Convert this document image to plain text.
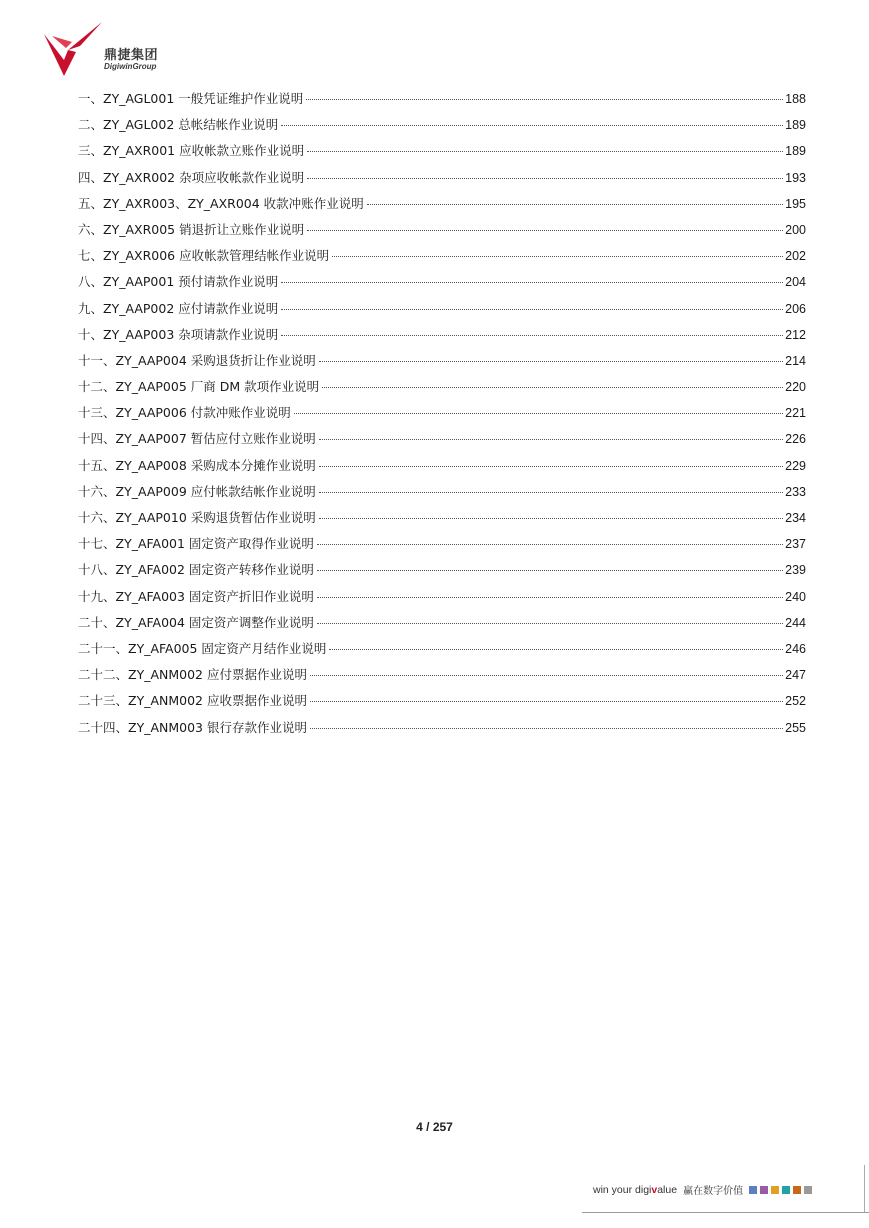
鼎捷集团
DigiwinGroup
一、ZY_AGL001 一般凭证维护作业说明	188
二、ZY_AGL002 总帐结帐作业说明	189
三、ZY_AXR001 应收帐款立账作业说明	189
四、ZY_AXR002 杂项应收帐款作业说明	193
五、ZY_AXR003、ZY_AXR004 收款冲账作业说明	195
六、ZY_AXR005 销退折让立账作业说明	200
七、ZY_AXR006 应收帐款管理结帐作业说明	202
八、ZY_AAP001 预付请款作业说明	204
九、ZY_AAP002 应付请款作业说明	206
十、ZY_AAP003 杂项请款作业说明	212
十一、ZY_AAP004 采购退货折让作业说明	214
十二、ZY_AAP005 厂商 DM 款项作业说明	220
十三、ZY_AAP006 付款冲账作业说明	221
十四、ZY_AAP007 暂估应付立账作业说明	226
十五、ZY_AAP008 采购成本分摊作业说明	229
十六、ZY_AAP009 应付帐款结帐作业说明	233
十六、ZY_AAP010 采购退货暂估作业说明	234
十七、ZY_AFA001 固定资产取得作业说明	237
十八、ZY_AFA002 固定资产转移作业说明	239
十九、ZY_AFA003 固定资产折旧作业说明	240
二十、ZY_AFA004 固定资产调整作业说明	244
二十一、ZY_AFA005 固定资产月结作业说明	246
二十二、ZY_ANM002 应付票据作业说明	247
二十三、ZY_ANM002 应收票据作业说明	252
二十四、ZY_ANM003 银行存款作业说明	255
4 / 257
win your digi v alue 赢在数字价值
